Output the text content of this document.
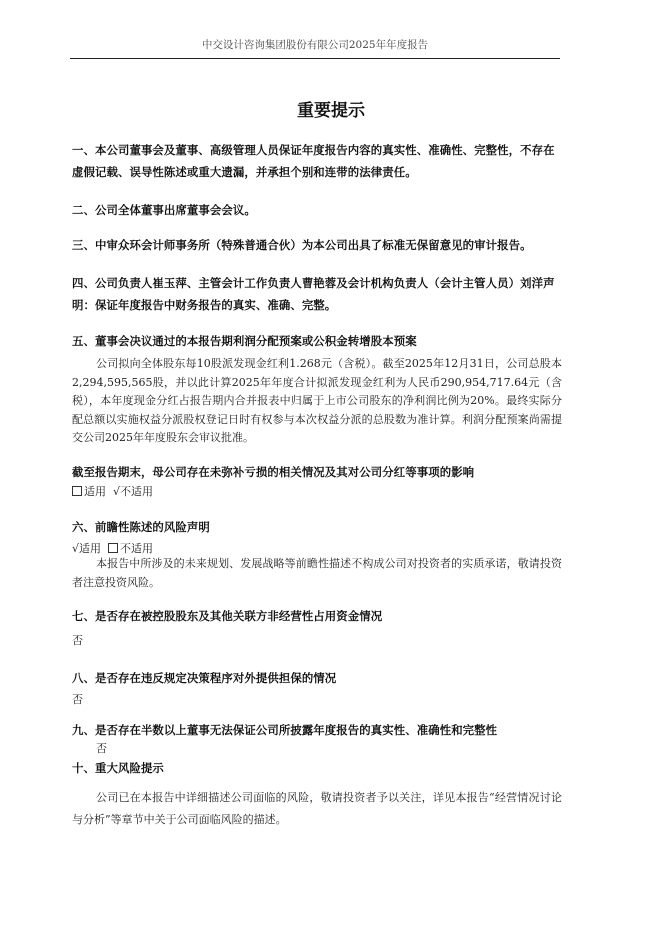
中交设计咨询集团股份有限公司2025年年度报告
重要提示
一、本公司董事会及董事、高级管理人员保证年度报告内容的真实性、准确性、完整性，不存在虚假记载、误导性陈述或重大遗漏，并承担个别和连带的法律责任。
二、公司全体董事出席董事会会议。
三、中审众环会计师事务所（特殊普通合伙）为本公司出具了标准无保留意见的审计报告。
四、公司负责人崔玉萍、主管会计工作负责人曹艳蓉及会计机构负责人（会计主管人员）刘洋声明：保证年度报告中财务报告的真实、准确、完整。
五、董事会决议通过的本报告期利润分配预案或公积金转增股本预案
公司拟向全体股东每10股派发现金红利1.268元（含税）。截至2025年12月31日，公司总股本2,294,595,565股，并以此计算2025年年度合计拟派发现金红利为人民币290,954,717.64元（含税），本年度现金分红占报告期内合并报表中归属于上市公司股东的净利润比例为20%。最终实际分配总额以实施权益分派股权登记日时有权参与本次权益分派的总股数为准计算。利润分配预案尚需提交公司2025年年度股东会审议批准。
截至报告期末，母公司存在未弥补亏损的相关情况及其对公司分红等事项的影响
适用 √不适用
六、前瞻性陈述的风险声明
√适用 不适用
本报告中所涉及的未来规划、发展战略等前瞻性描述不构成公司对投资者的实质承诺，敬请投资者注意投资风险。
七、是否存在被控股股东及其他关联方非经营性占用资金情况
否
八、是否存在违反规定决策程序对外提供担保的情况
否
九、是否存在半数以上董事无法保证公司所披露年度报告的真实性、准确性和完整性
否
十、重大风险提示
公司已在本报告中详细描述公司面临的风险，敬请投资者予以关注，详见本报告“经营情况讨论与分析”等章节中关于公司面临风险的描述。
